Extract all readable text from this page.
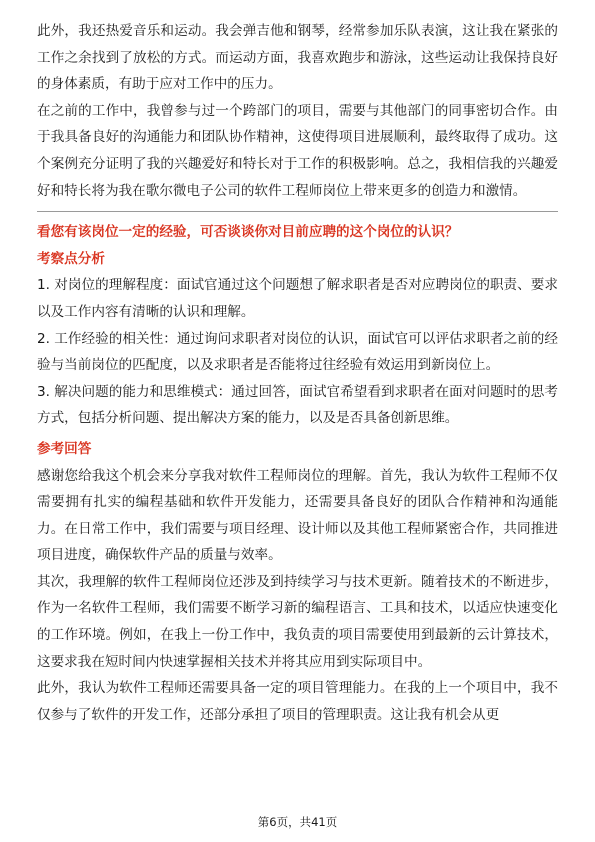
此外，我还热爱音乐和运动。我会弹吉他和钢琴，经常参加乐队表演，这让我在紧张的工作之余找到了放松的方式。而运动方面，我喜欢跑步和游泳，这些运动让我保持良好的身体素质，有助于应对工作中的压力。

在之前的工作中，我曾参与过一个跨部门的项目，需要与其他部门的同事密切合作。由于我具备良好的沟通能力和团队协作精神，这使得项目进展顺利，最终取得了成功。这个案例充分证明了我的兴趣爱好和特长对于工作的积极影响。总之，我相信我的兴趣爱好和特长将为我在歌尔微电子公司的软件工程师岗位上带来更多的创造力和激情。

看您有该岗位一定的经验，可否谈谈你对目前应聘的这个岗位的认识？

考察点分析

1. 对岗位的理解程度：面试官通过这个问题想了解求职者是否对应聘岗位的职责、要求以及工作内容有清晰的认识和理解。

2. 工作经验的相关性：通过询问求职者对岗位的认识，面试官可以评估求职者之前的经验与当前岗位的匹配度，以及求职者是否能将过往经验有效运用到新岗位上。

3. 解决问题的能力和思维模式：通过回答，面试官希望看到求职者在面对问题时的思考方式，包括分析问题、提出解决方案的能力，以及是否具备创新思维。

参考回答

感谢您给我这个机会来分享我对软件工程师岗位的理解。首先，我认为软件工程师不仅需要拥有扎实的编程基础和软件开发能力，还需要具备良好的团队合作精神和沟通能力。在日常工作中，我们需要与项目经理、设计师以及其他工程师紧密合作，共同推进项目进度，确保软件产品的质量与效率。

其次，我理解的软件工程师岗位还涉及到持续学习与技术更新。随着技术的不断进步，作为一名软件工程师，我们需要不断学习新的编程语言、工具和技术，以适应快速变化的工作环境。例如，在我上一份工作中，我负责的项目需要使用到最新的云计算技术，这要求我在短时间内快速掌握相关技术并将其应用到实际项目中。

此外，我认为软件工程师还需要具备一定的项目管理能力。在我的上一个项目中，我不仅参与了软件的开发工作，还部分承担了项目的管理职责。这让我有机会从更

第6页，共41页
